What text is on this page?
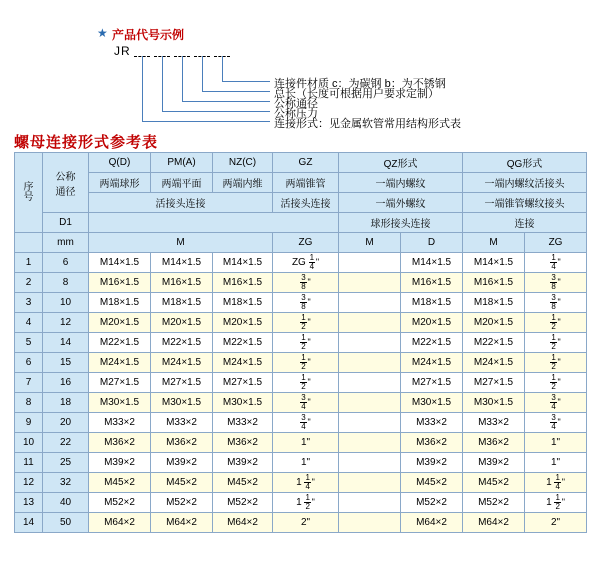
★ 产品代号示例
JR
连接件材质 c：为碳钢 b：为不锈钢
总长（长度可根据用户要求定制）
公称通径
公称压力
连接形式：见金属软管常用结构形式表
螺母连接形式参考表
序
号

公称
通径
	Q(D)	PM(A)	NZ(C)	GZ	QZ形式	QG形式
		两端球形	两端平面	两端内维	两端锥管	一端内螺纹		一端内螺纹活接头	
		活接头连接			活接头连接	一端外螺纹		一端锥管螺纹接头	
	D1					球形接头连接		连接	
	mm	M			ZG	M	D	M	ZG
1	6	M14×1.5	M14×1.5	M14×1.5	ZG $\frac{1}{4}$  "		M14×1.5	M14×1.5	$\frac{1}{4}$  "
2	8	M16×1.5	M16×1.5	M16×1.5	$\frac{3}{8}$  "		M16×1.5	M16×1.5	$\frac{3}{8}$  "
3	10	M18×1.5	M18×1.5	M18×1.5	$\frac{3}{8}$  "		M18×1.5	M18×1.5	$\frac{3}{8}$  "
4	12	M20×1.5	M20×1.5	M20×1.5	$\frac{1}{2}$  "		M20×1.5	M20×1.5	$\frac{1}{2}$  "
5	14	M22×1.5	M22×1.5	M22×1.5	$\frac{1}{2}$  "		M22×1.5	M22×1.5	$\frac{1}{2}$  "
6	15	M24×1.5	M24×1.5	M24×1.5	$\frac{1}{2}$  "		M24×1.5	M24×1.5	$\frac{1}{2}$  "
7	16	M27×1.5	M27×1.5	M27×1.5	$\frac{1}{2}$  "		M27×1.5	M27×1.5	$\frac{1}{2}$  "
8	18	M30×1.5	M30×1.5	M30×1.5	$\frac{3}{4}$  "		M30×1.5	M30×1.5	$\frac{3}{4}$  "
9	20	M33×2	M33×2	M33×2	$\frac{3}{4}$  "		M33×2	M33×2	$\frac{3}{4}$  "
10	22	M36×2	M36×2	M36×2	1"		M36×2	M36×2	1"
11	25	M39×2	M39×2	M39×2	1"		M39×2	M39×2	1"
12	32	M45×2	M45×2	M45×2	$1 \frac{1}{4}$  "		M45×2	M45×2	$1 \frac{1}{4}$  "
13	40	M52×2	M52×2	M52×2	$1 \frac{1}{2}$  "		M52×2	M52×2	$1 \frac{1}{2}$  "
14	50	M64×2	M64×2	M64×2	2"		M64×2	M64×2	2"
